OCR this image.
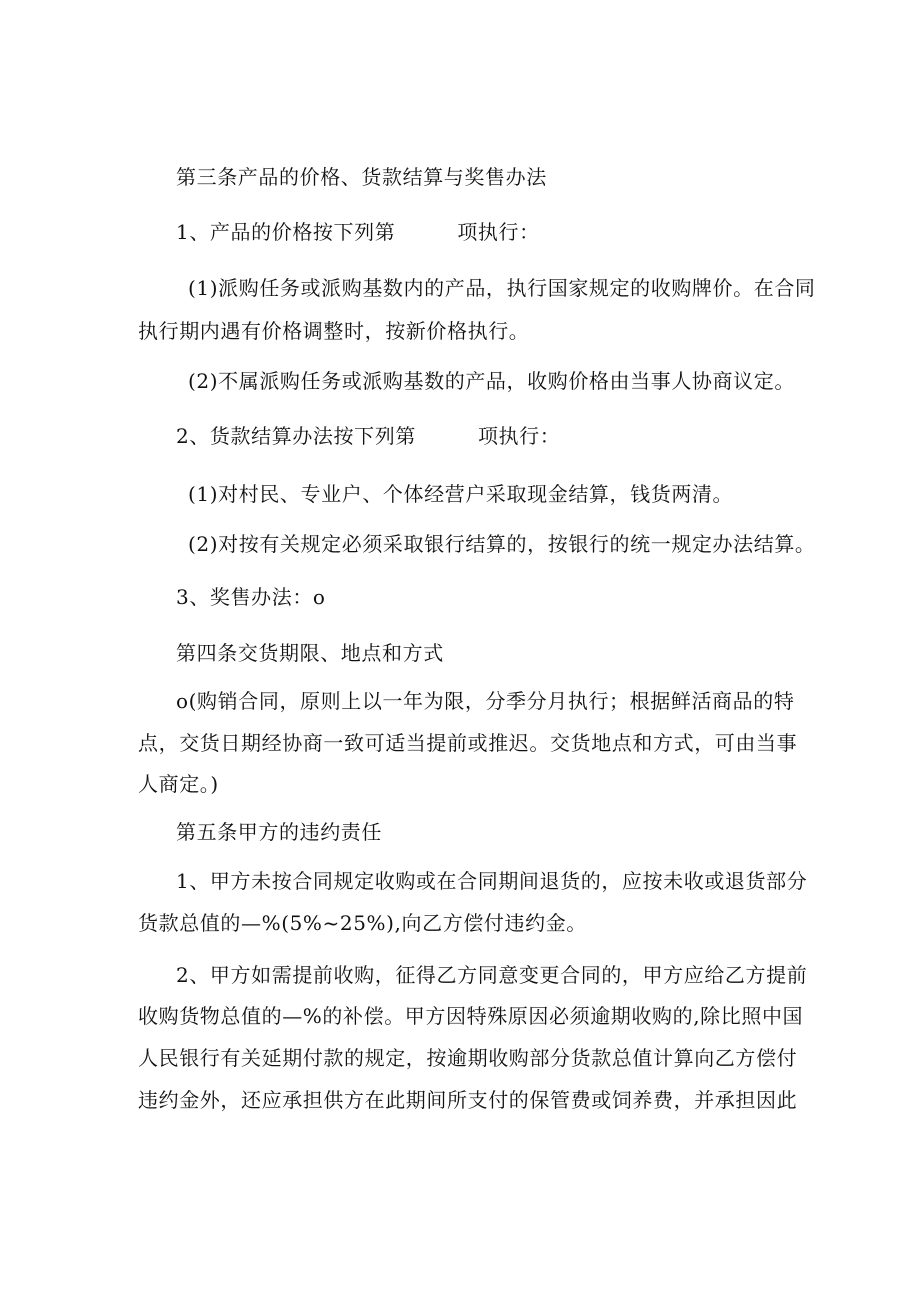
第三条产品的价格、货款结算与奖售办法

1、产品的价格按下列第	项执行：

(1)派购任务或派购基数内的产品，执行国家规定的收购牌价。在合同

执行期内遇有价格调整时，按新价格执行。

(2)不属派购任务或派购基数的产品，收购价格由当事人协商议定。

2、货款结算办法按下列第	项执行：

(1)对村民、专业户、个体经营户采取现金结算，钱货两清。

(2)对按有关规定必须采取银行结算的，按银行的统一规定办法结算。

3、奖售办法：o

第四条交货期限、地点和方式

o(购销合同，原则上以一年为限，分季分月执行；根据鲜活商品的特

点，交货日期经协商一致可适当提前或推迟。交货地点和方式，可由当事

人商定。)

第五条甲方的违约责任

1、甲方未按合同规定收购或在合同期间退货的，应按未收或退货部分

货款总值的—%(5%~25%),向乙方偿付违约金。

2、甲方如需提前收购，征得乙方同意变更合同的，甲方应给乙方提前

收购货物总值的—%的补偿。甲方因特殊原因必须逾期收购的,除比照中国

人民银行有关延期付款的规定，按逾期收购部分货款总值计算向乙方偿付

违约金外，还应承担供方在此期间所支付的保管费或饲养费，并承担因此
